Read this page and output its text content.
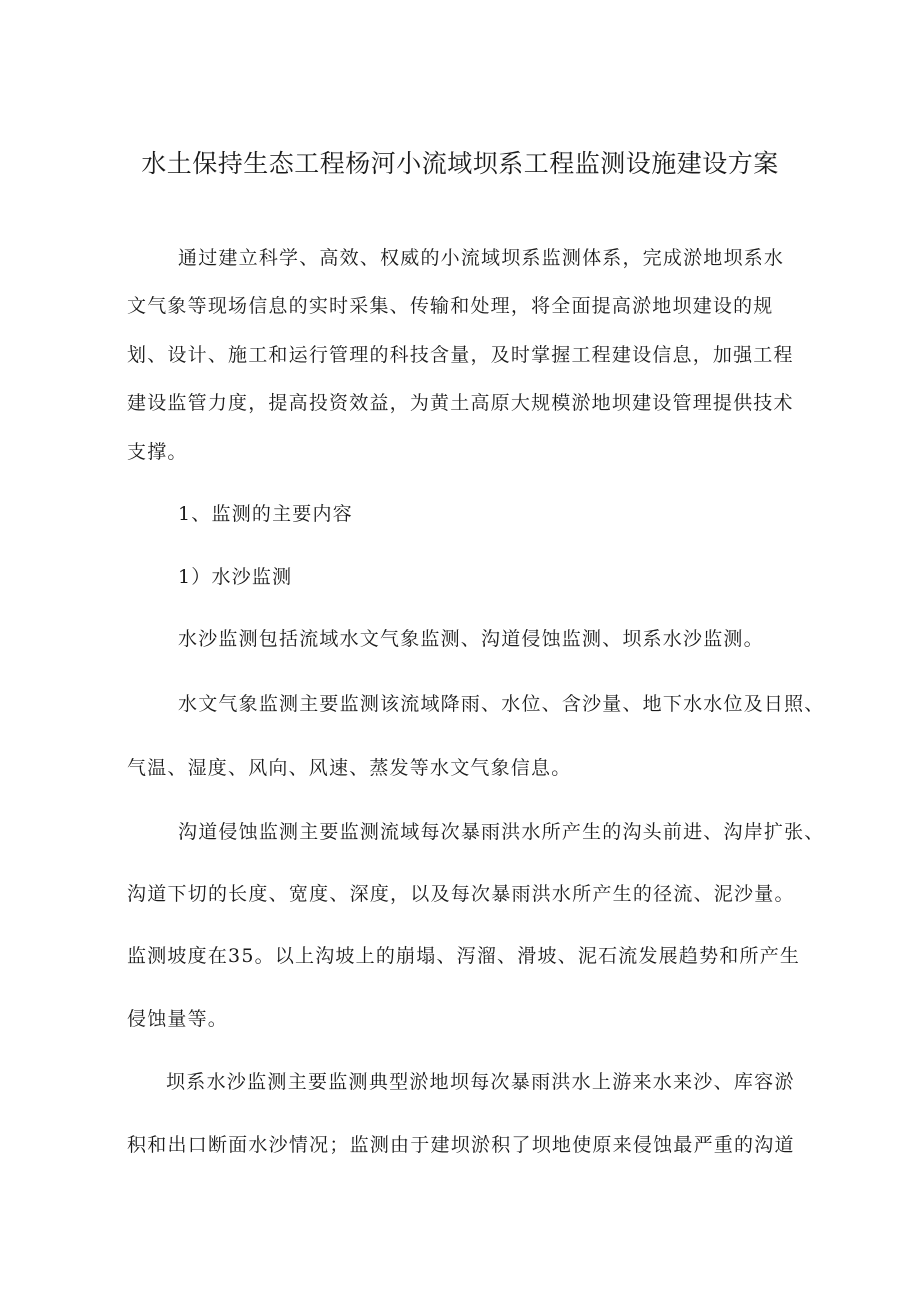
水土保持生态工程杨河小流域坝系工程监测设施建设方案
通 过 建 立 科 学 、 高 效 、 权 威 的 小 流 域 坝 系 监 测 体 系 ， 完 成 淤 地 坝 系 水
文 气 象 等 现 场 信 息 的 实 时 采 集 、 传 输 和 处 理 ， 将 全 面 提 高 淤 地 坝 建 设 的 规
划 、 设 计 、 施 工 和 运 行 管 理 的 科 技 含 量 ， 及 时 掌 握 工 程 建 设 信 息 ， 加 强 工 程
建 设 监 管 力 度 ， 提 高 投 资 效 益 ， 为 黄 土 高 原 大 规 模 淤 地 坝 建 设 管 理 提 供 技 术
支撑。
1、监测的主要内容
1）水沙监测
水沙监测包括流域水文气象监测、沟道侵蚀监测、坝系水沙监测。
水 文 气 象 监 测 主 要 监 测 该 流 域 降 雨 、 水 位 、 含 沙 量 、 地 下 水 水 位 及 日 照 、
气温、湿度、风向、风速、蒸发等水文气象信息。
沟 道 侵 蚀 监 测 主 要 监 测 流 域 每 次 暴 雨 洪 水 所 产 生 的 沟 头 前 进 、 沟 岸 扩 张 、
沟 道 下 切 的 长 度 、 宽 度 、 深 度 ， 以 及 每 次 暴 雨 洪 水 所 产 生 的 径 流 、 泥 沙 量 。
监 测 坡 度 在 3 5 。 以 上 沟 坡 上 的 崩 塌 、 泻 溜 、 滑 坡 、 泥 石 流 发 展 趋 势 和 所 产 生
侵蚀量等。
坝 系 水 沙 监 测 主 要 监 测 典 型 淤 地 坝 每 次 暴 雨 洪 水 上 游 来 水 来 沙 、 库 容 淤
积 和 出 口 断 面 水 沙 情 况 ； 监 测 由 于 建 坝 淤 积 了 坝 地 使 原 来 侵 蚀 最 严 重 的 沟 道
